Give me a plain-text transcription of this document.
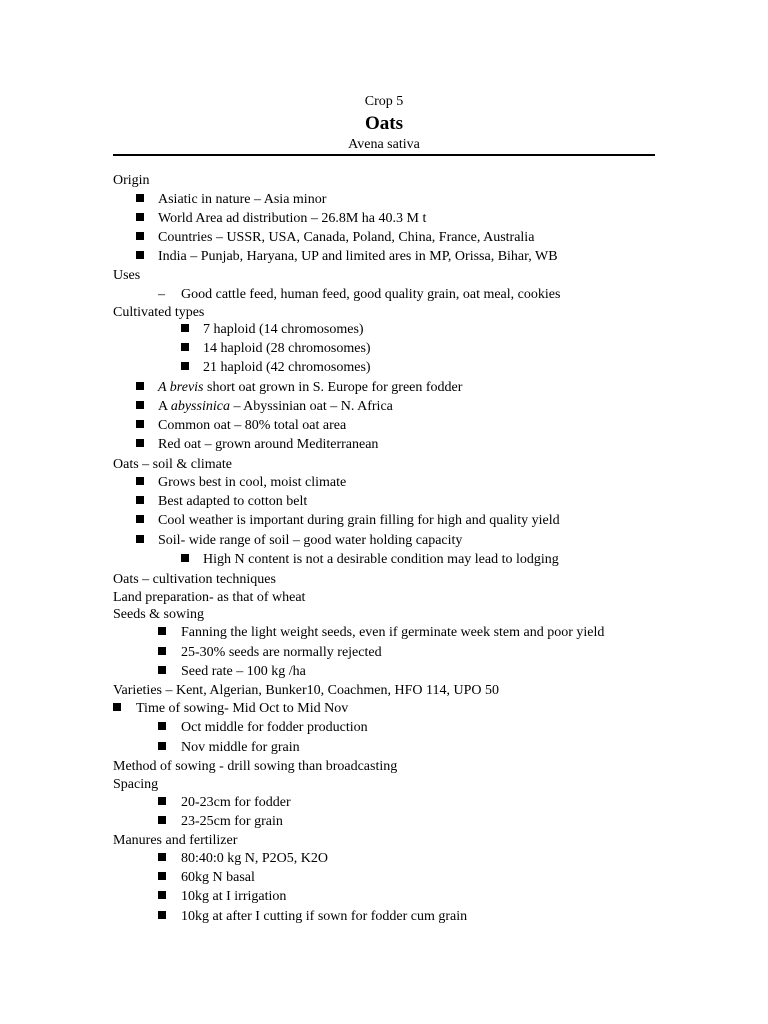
Crop 5
Oats
Avena sativa
Origin
Asiatic in nature – Asia minor
World Area ad distribution – 26.8M ha 40.3 M t
Countries – USSR, USA, Canada, Poland, China, France, Australia
India – Punjab, Haryana, UP and limited ares in MP, Orissa, Bihar, WB
Uses
– Good cattle feed, human feed, good quality grain, oat meal, cookies
Cultivated types
7 haploid (14 chromosomes)
14 haploid (28 chromosomes)
21 haploid (42 chromosomes)
A brevis short oat grown in S. Europe for green fodder
A abyssinica – Abyssinian oat – N. Africa
Common oat – 80% total oat area
Red oat – grown around Mediterranean
Oats – soil & climate
Grows best in cool, moist climate
Best adapted to cotton belt
Cool weather is important during grain filling for high and quality yield
Soil- wide range of soil – good water holding capacity
High N content is not a desirable condition may lead to lodging
Oats – cultivation techniques
Land preparation- as that of wheat
Seeds & sowing
Fanning the light weight seeds, even if germinate week stem and poor yield
25-30% seeds are normally rejected
Seed rate – 100 kg /ha
Varieties – Kent, Algerian, Bunker10, Coachmen, HFO 114, UPO 50
Time of sowing- Mid Oct to Mid Nov
Oct middle for fodder production
Nov middle for grain
Method of sowing - drill sowing than broadcasting
Spacing
20-23cm for fodder
23-25cm for grain
Manures and fertilizer
80:40:0 kg N, P2O5, K2O
60kg N basal
10kg at I irrigation
10kg at after I cutting if sown for fodder cum grain
